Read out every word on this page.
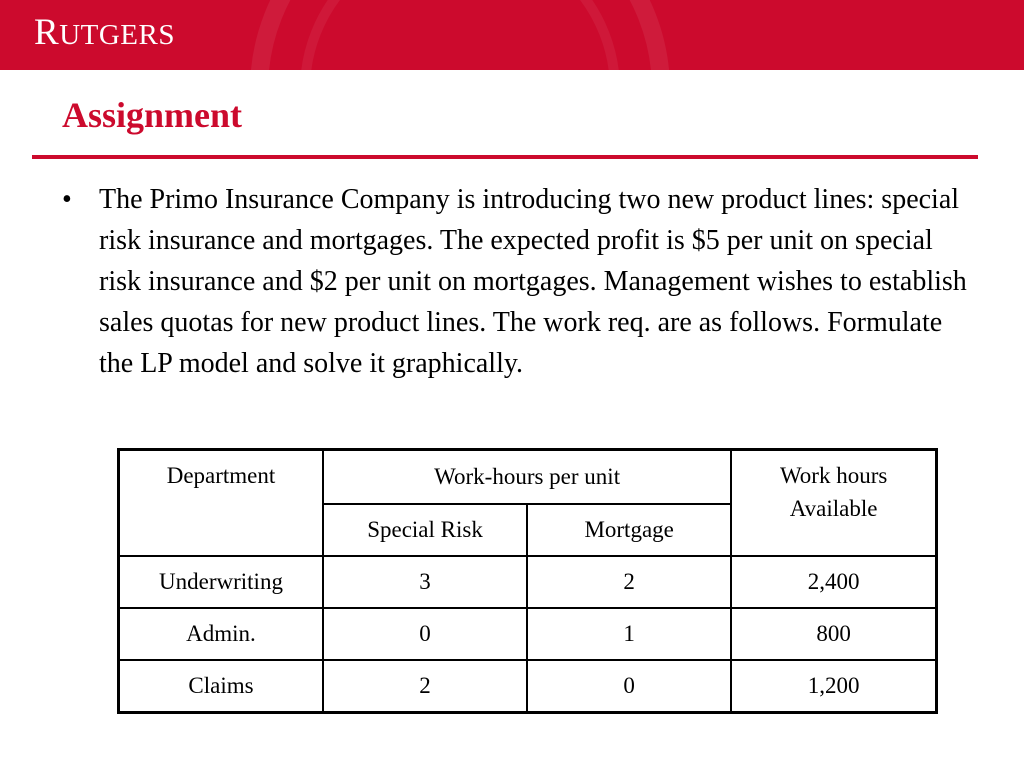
RUTGERS
Assignment
• The Primo Insurance Company is introducing two new product lines: special risk insurance and mortgages. The expected profit is $5 per unit on special risk insurance and $2 per unit on mortgages. Management wishes to establish sales quotas for new product lines. The work req. are as follows. Formulate the LP model and solve it graphically.
Department	Work-hours per unit		Work hours Available
	Special Risk	Mortgage	
Underwriting	3	2	2,400
Admin.	0	1	800
Claims	2	0	1,200
